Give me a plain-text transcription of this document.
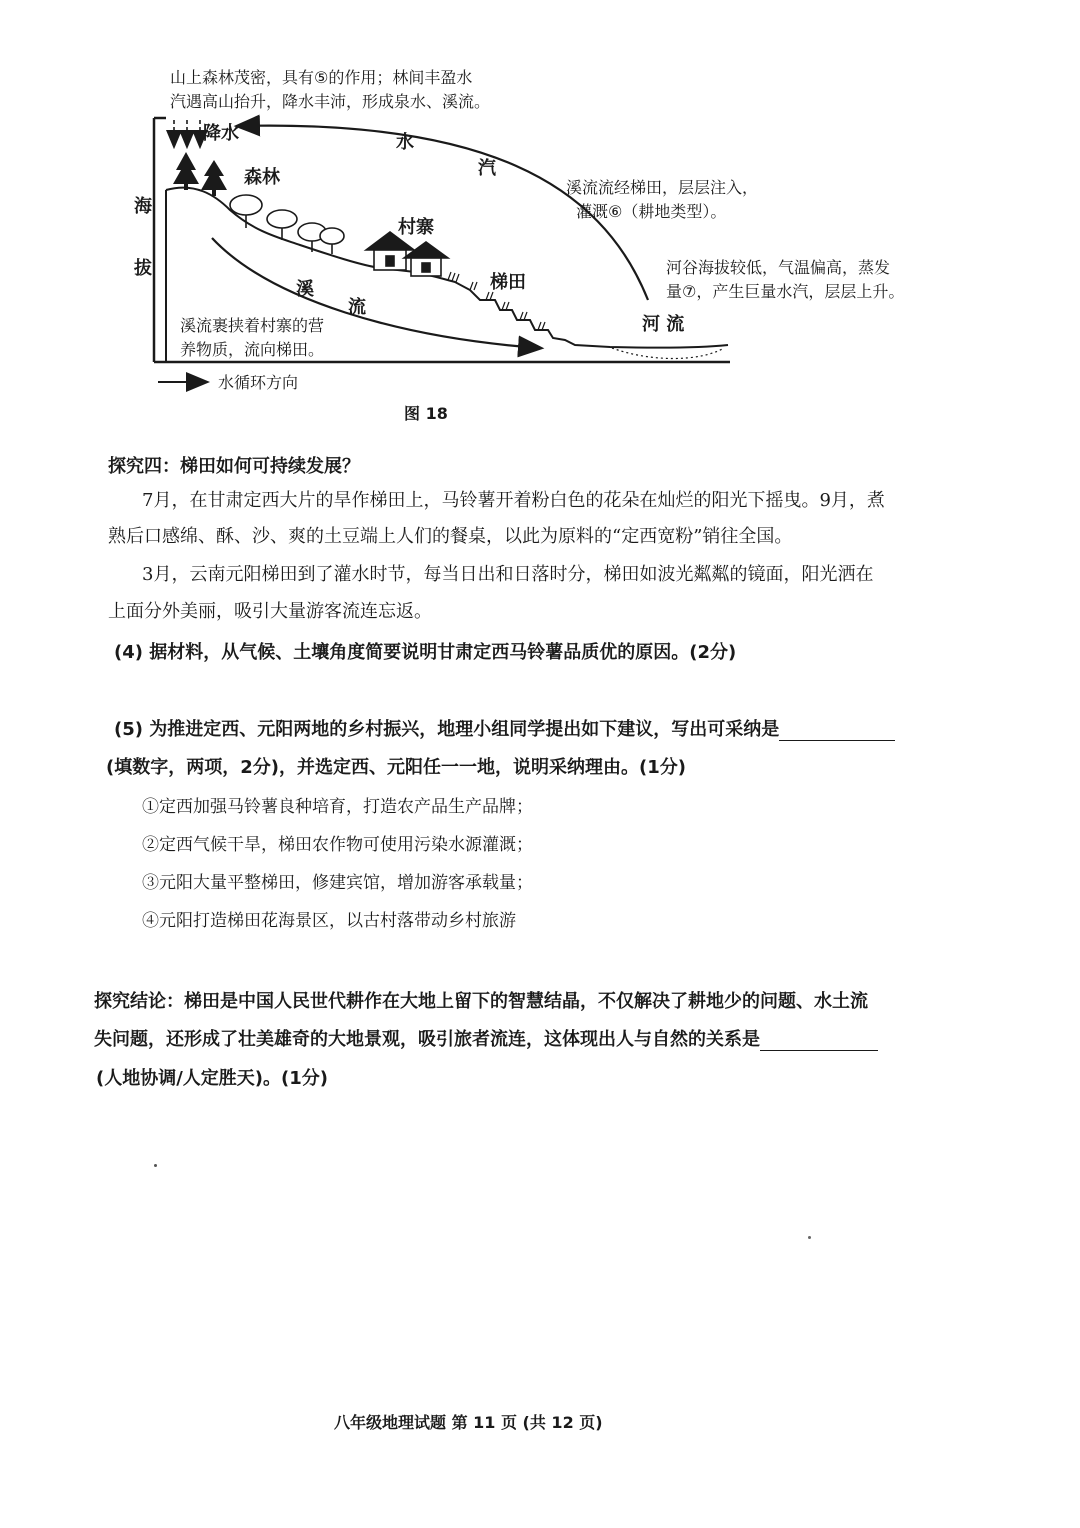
山上森林茂密，具有⑤的作用；林间丰盈水
汽遇高山抬升，降水丰沛，形成泉水、溪流。
海
拔
降水
森林
村寨
梯田
水
汽
溪
流
河 流
溪流流经梯田，层层注入，
灌溉⑥（耕地类型）。
河谷海拔较低，气温偏高，蒸发
量⑦，产生巨量水汽，层层上升。
溪流裹挟着村寨的营
养物质，流向梯田。
水循环方向
图 18
探究四：梯田如何可持续发展？
7月，在甘肃定西大片的旱作梯田上，马铃薯开着粉白色的花朵在灿烂的阳光下摇曳。9月，煮
熟后口感绵、酥、沙、爽的土豆端上人们的餐桌，以此为原料的“定西宽粉”销往全国。
3月，云南元阳梯田到了灌水时节，每当日出和日落时分，梯田如波光粼粼的镜面，阳光洒在
上面分外美丽，吸引大量游客流连忘返。
(4) 据材料，从气候、土壤角度简要说明甘肃定西马铃薯品质优的原因。(2分)
(5) 为推进定西、元阳两地的乡村振兴，地理小组同学提出如下建议，写出可采纳是
(填数字，两项，2分)，并选定西、元阳任一一地，说明采纳理由。(1分)
①定西加强马铃薯良种培育，打造农产品生产品牌；
②定西气候干旱，梯田农作物可使用污染水源灌溉；
③元阳大量平整梯田，修建宾馆，增加游客承载量；
④元阳打造梯田花海景区，以古村落带动乡村旅游
探究结论：梯田是中国人民世代耕作在大地上留下的智慧结晶，不仅解决了耕地少的问题、水土流
失问题，还形成了壮美雄奇的大地景观，吸引旅者流连，这体现出人与自然的关系是
(人地协调/人定胜天)。(1分)
八年级地理试题 第 11 页 (共 12 页)
